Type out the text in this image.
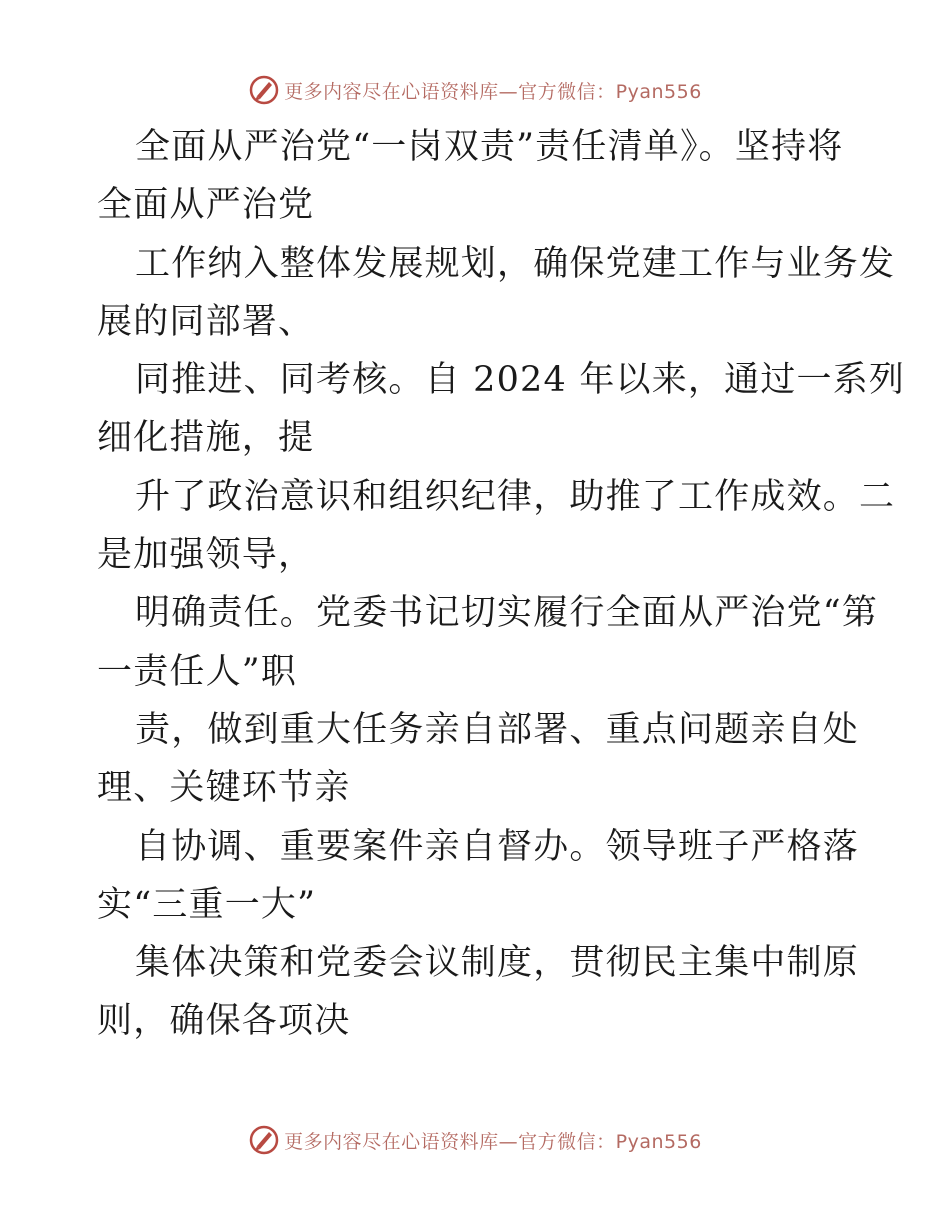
更多内容尽在心语资料库—官方微信：Pyan556
全面从严治党“一岗双责”责任清单》。坚持将
全面从严治党
工作纳入整体发展规划，确保党建工作与业务发
展的同部署、
同推进、同考核。自 2024 年以来，通过一系列
细化措施，提
升了政治意识和组织纪律，助推了工作成效。二
是加强领导，
明确责任。党委书记切实履行全面从严治党“第
一责任人”职
责，做到重大任务亲自部署、重点问题亲自处
理、关键环节亲
自协调、重要案件亲自督办。领导班子严格落
实“三重一大”
集体决策和党委会议制度，贯彻民主集中制原
则，确保各项决
更多内容尽在心语资料库—官方微信：Pyan556
